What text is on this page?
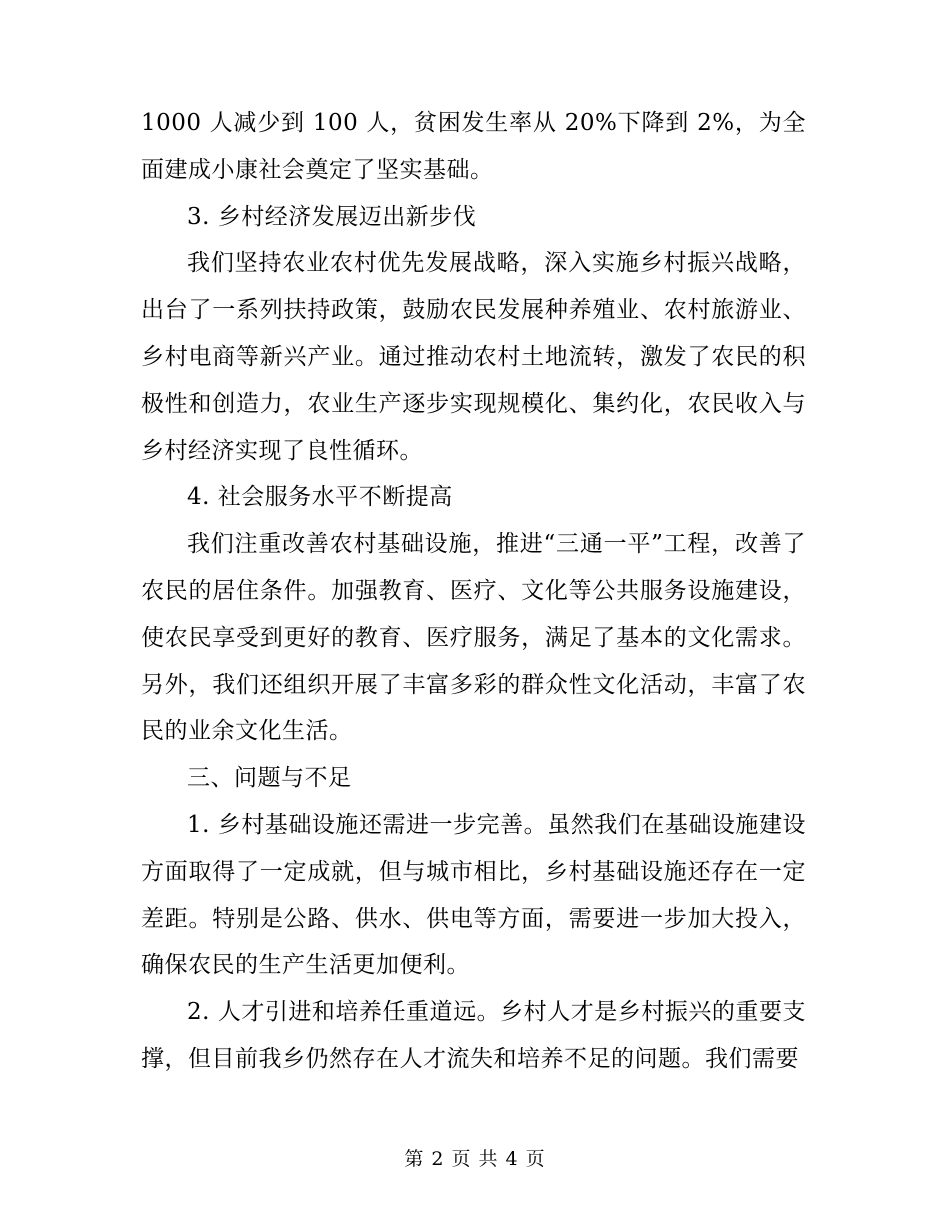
1000 人减少到 100 人，贫困发生率从 20%下降到 2%，为全面建成小康社会奠定了坚实基础。

3. 乡村经济发展迈出新步伐

我们坚持农业农村优先发展战略，深入实施乡村振兴战略，出台了一系列扶持政策，鼓励农民发展种养殖业、农村旅游业、乡村电商等新兴产业。通过推动农村土地流转，激发了农民的积极性和创造力，农业生产逐步实现规模化、集约化，农民收入与乡村经济实现了良性循环。

4. 社会服务水平不断提高

我们注重改善农村基础设施，推进“三通一平”工程，改善了农民的居住条件。加强教育、医疗、文化等公共服务设施建设，使农民享受到更好的教育、医疗服务，满足了基本的文化需求。另外，我们还组织开展了丰富多彩的群众性文化活动，丰富了农民的业余文化生活。

三、问题与不足

1. 乡村基础设施还需进一步完善。虽然我们在基础设施建设方面取得了一定成就，但与城市相比，乡村基础设施还存在一定差距。特别是公路、供水、供电等方面，需要进一步加大投入，确保农民的生产生活更加便利。

2. 人才引进和培养任重道远。乡村人才是乡村振兴的重要支撑，但目前我乡仍然存在人才流失和培养不足的问题。我们需要

第 2 页 共 4 页
